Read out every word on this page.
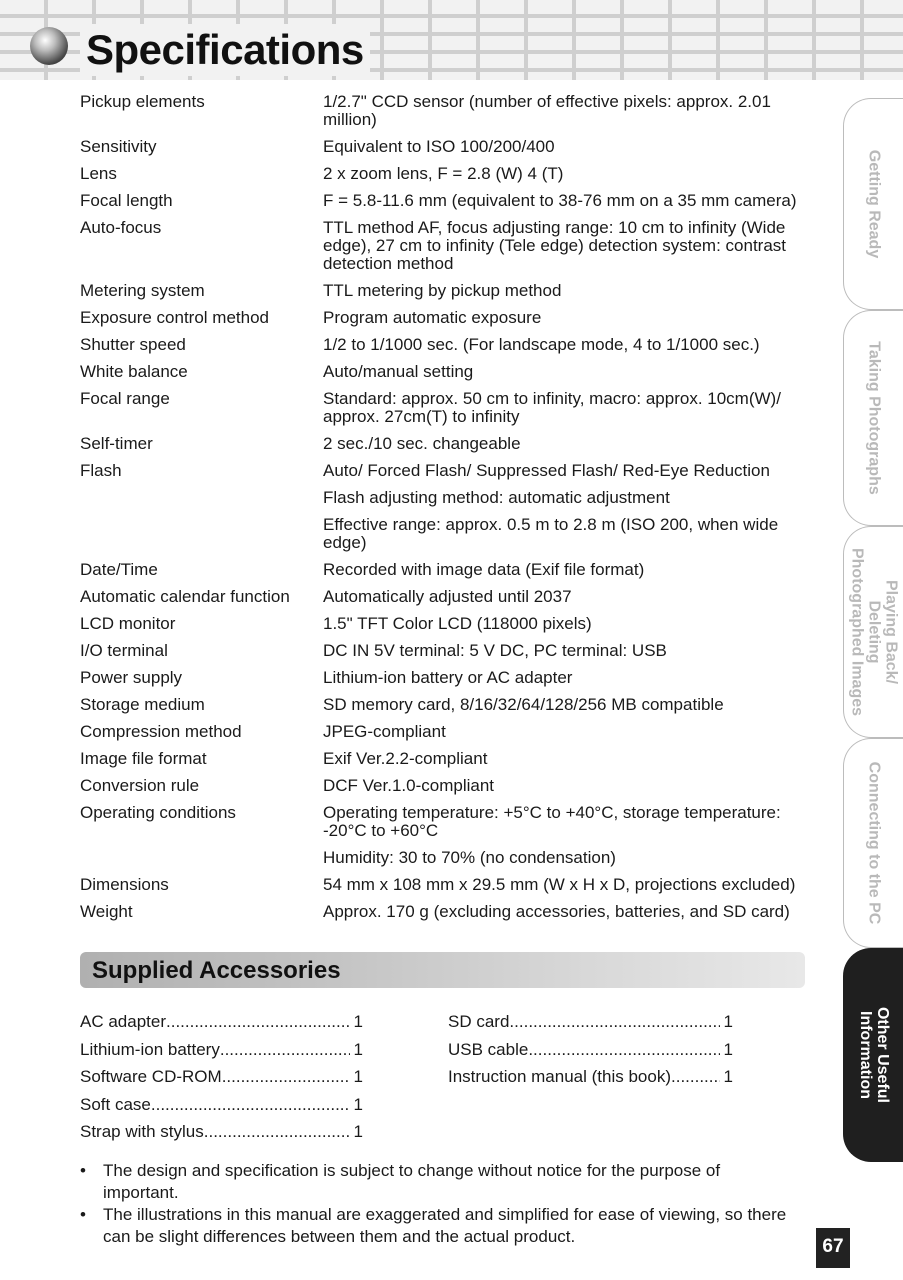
Specifications
Pickup elements	1/2.7" CCD sensor (number of effective pixels: approx. 2.01 million)
Sensitivity	Equivalent to ISO 100/200/400
Lens	2 x zoom lens, F = 2.8 (W) 4 (T)
Focal length	F = 5.8-11.6 mm (equivalent to 38-76 mm on a 35 mm camera)
Auto-focus	TTL method AF, focus adjusting range: 10 cm to infinity (Wide edge), 27 cm to infinity (Tele edge) detection system: contrast detection method
Metering system	TTL metering by pickup method
Exposure control method	Program automatic exposure
Shutter speed	1/2 to 1/1000 sec. (For landscape mode, 4 to 1/1000 sec.)
White balance	Auto/manual setting
Focal range	Standard: approx. 50 cm to infinity, macro: approx. 10cm(W)/ approx. 27cm(T) to infinity
Self-timer	2 sec./10 sec. changeable
Flash	Auto/ Forced Flash/ Suppressed Flash/ Red-Eye Reduction
Flash adjusting method: automatic adjustment
Effective range: approx. 0.5 m to 2.8 m (ISO 200, when wide edge)
Date/Time	Recorded with image data (Exif file format)
Automatic calendar function	Automatically adjusted until 2037
LCD monitor	1.5" TFT Color LCD (118000 pixels)
I/O terminal	DC IN 5V terminal: 5 V DC, PC terminal: USB
Power supply	Lithium-ion battery or AC adapter
Storage medium	SD memory card, 8/16/32/64/128/256 MB compatible
Compression method	JPEG-compliant
Image file format	Exif Ver.2.2-compliant
Conversion rule	DCF Ver.1.0-compliant
Operating conditions	Operating temperature: +5°C to +40°C, storage temperature: -20°C to +60°C
Humidity: 30 to 70% (no condensation)
Dimensions	54 mm x 108 mm x 29.5 mm (W x H x D, projections excluded)
Weight	Approx. 170 g (excluding accessories, batteries, and SD card)
Supplied Accessories
AC adapter .....	1
Lithium-ion battery .....	1
Software CD-ROM .....	1
Soft case .....	1
Strap with stylus .....	1
SD card .....	1
USB cable .....	1
Instruction manual (this book) .....	1
•	The design and specification is subject to change without notice for the purpose of important.
•	The illustrations in this manual are exaggerated and simplified for ease of viewing, so there can be slight differences between them and the actual product.
Getting Ready
Taking Photographs
Playing Back/ Deleting Photographed Images
Connecting to the PC
Other Useful Information
67
